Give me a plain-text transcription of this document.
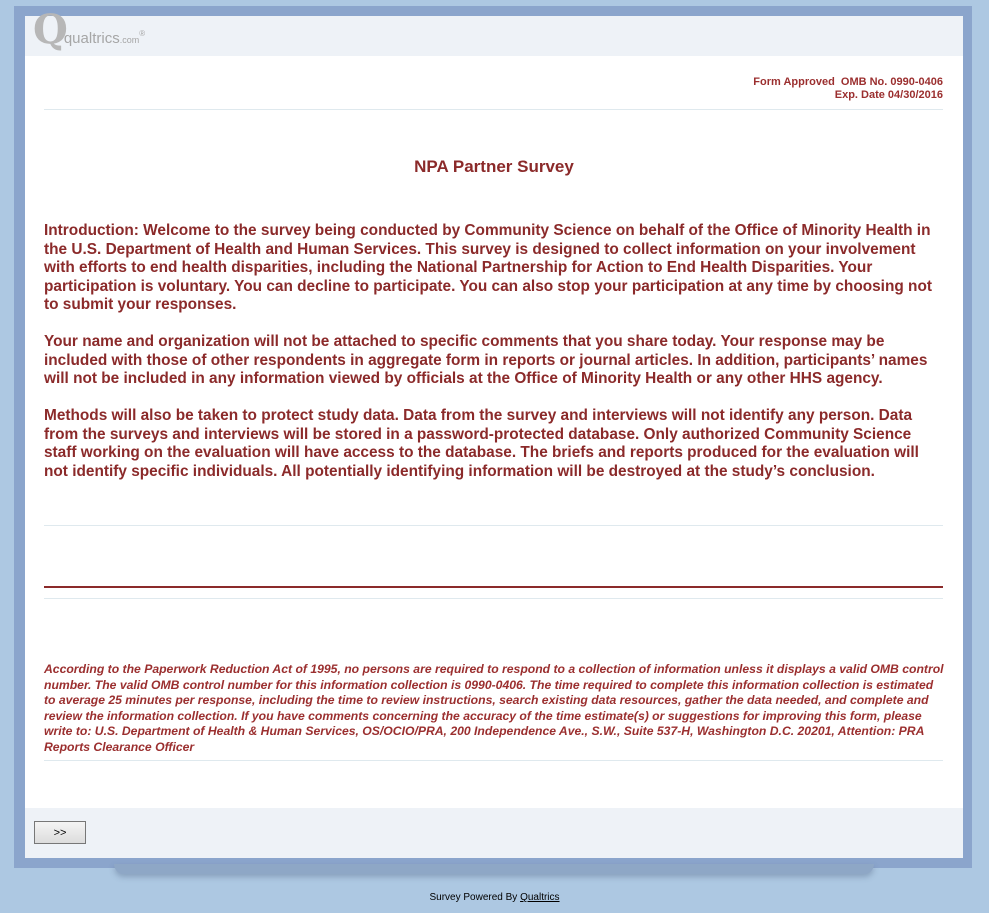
Q
qualtrics.com
®
Form Approved  OMB No. 0990-0406
Exp. Date 04/30/2016
NPA Partner Survey

Introduction: Welcome to the survey being conducted by Community Science on behalf of the Office of Minority Health in the U.S. Department of Health and Human Services. This survey is designed to collect information on your involvement with efforts to end health disparities, including the National Partnership for Action to End Health Disparities. Your participation is voluntary. You can decline to participate. You can also stop your participation at any time by choosing not to submit your responses.

Your name and organization will not be attached to specific comments that you share today. Your response may be included with those of other respondents in aggregate form in reports or journal articles. In addition, participants’ names will not be included in any information viewed by officials at the Office of Minority Health or any other HHS agency.

Methods will also be taken to protect study data. Data from the survey and interviews will not identify any person. Data from the surveys and interviews will be stored in a password-protected database. Only authorized Community Science staff working on the evaluation will have access to the database. The briefs and reports produced for the evaluation will not identify specific individuals. All potentially identifying information will be destroyed at the study’s conclusion.

According to the Paperwork Reduction Act of 1995, no persons are required to respond to a collection of information unless it displays a valid OMB control number. The valid OMB control number for this information collection is 0990-0406. The time required to complete this information collection is estimated to average 25 minutes per response, including the time to review instructions, search existing data resources, gather the data needed, and complete and review the information collection. If you have comments concerning the accuracy of the time estimate(s) or suggestions for improving this form, please write to: U.S. Department of Health & Human Services, OS/OCIO/PRA, 200 Independence Ave., S.W., Suite 537-H, Washington D.C. 20201, Attention: PRA Reports Clearance Officer
>>
Survey Powered By Qualtrics
